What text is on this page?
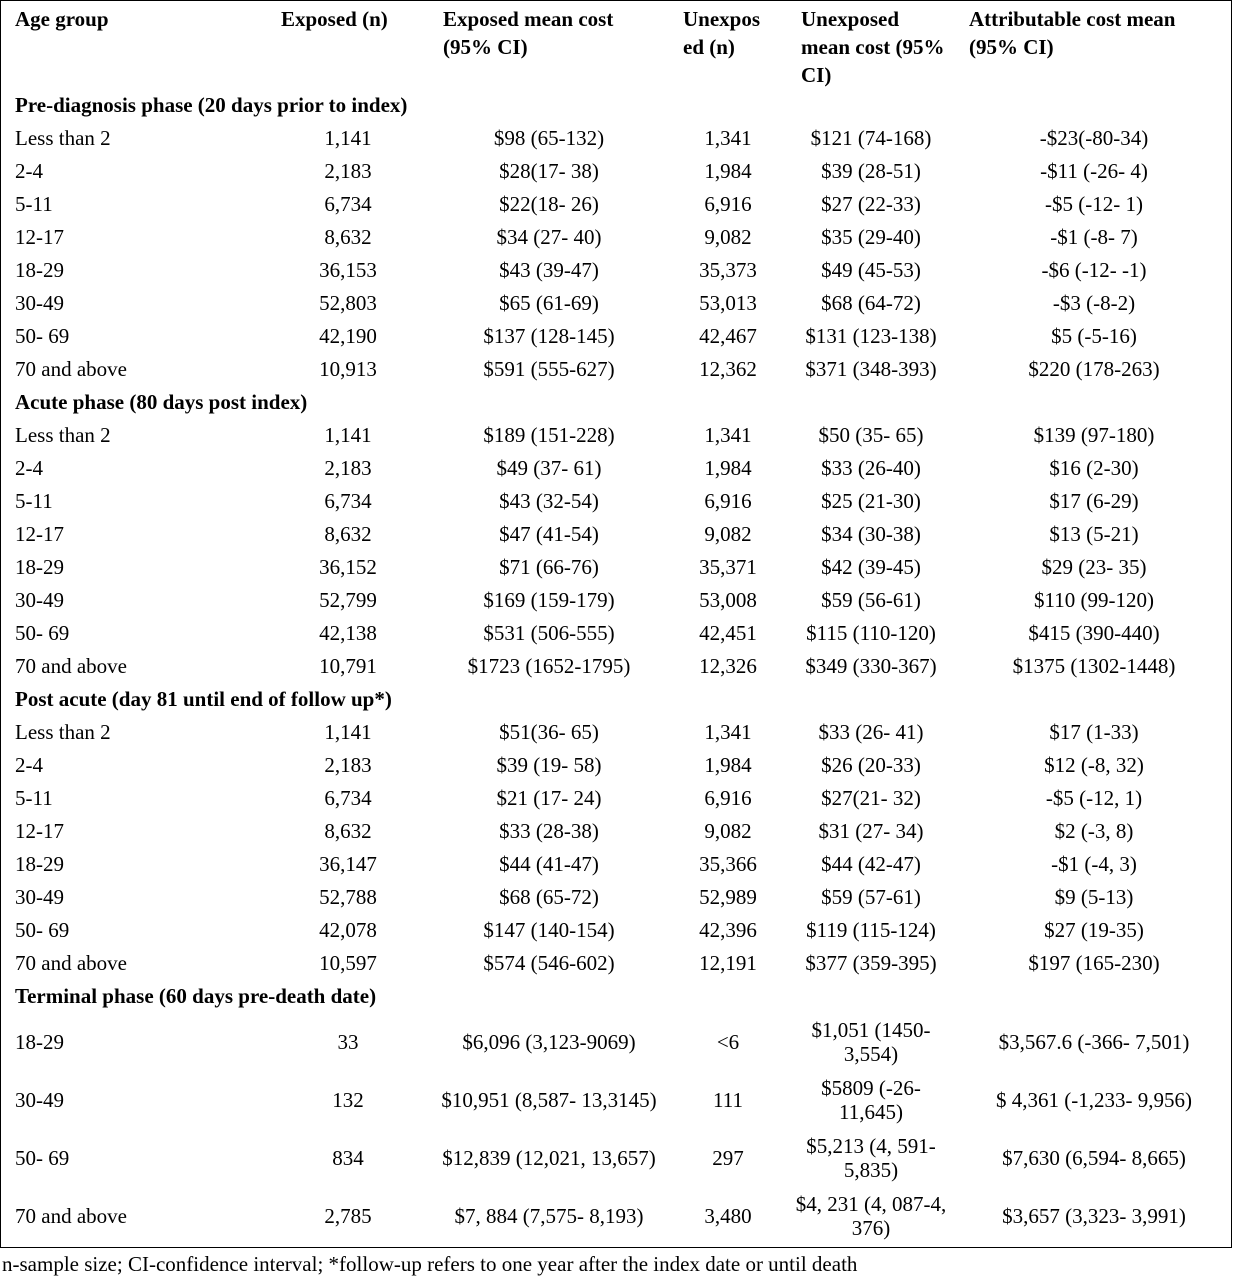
Age group	Exposed (n)	Exposed mean cost (95% CI)	Unexpos ed (n)	Unexposed mean cost (95% CI)	Attributable cost mean (95% CI)
Pre-diagnosis phase (20 days prior to index)					
Less than 2	1,141	$98 (65-132)	1,341	$121 (74-168)	-$23(-80-34)
2-4	2,183	$28(17- 38)	1,984	$39 (28-51)	-$11 (-26- 4)
5-11	6,734	$22(18- 26)	6,916	$27 (22-33)	-$5 (-12- 1)
12-17	8,632	$34 (27- 40)	9,082	$35 (29-40)	-$1 (-8- 7)
18-29	36,153	$43 (39-47)	35,373	$49 (45-53)	-$6 (-12- -1)
30-49	52,803	$65 (61-69)	53,013	$68 (64-72)	-$3 (-8-2)
50- 69	42,190	$137 (128-145)	42,467	$131 (123-138)	$5 (-5-16)
70 and above	10,913	$591 (555-627)	12,362	$371 (348-393)	$220 (178-263)
Acute phase (80 days post index)					
Less than 2	1,141	$189 (151-228)	1,341	$50 (35- 65)	$139 (97-180)
2-4	2,183	$49 (37- 61)	1,984	$33 (26-40)	$16 (2-30)
5-11	6,734	$43 (32-54)	6,916	$25 (21-30)	$17 (6-29)
12-17	8,632	$47 (41-54)	9,082	$34 (30-38)	$13 (5-21)
18-29	36,152	$71 (66-76)	35,371	$42 (39-45)	$29 (23- 35)
30-49	52,799	$169 (159-179)	53,008	$59 (56-61)	$110 (99-120)
50- 69	42,138	$531 (506-555)	42,451	$115 (110-120)	$415 (390-440)
70 and above	10,791	$1723 (1652-1795)	12,326	$349 (330-367)	$1375 (1302-1448)
Post acute (day 81 until end of follow up*)					
Less than 2	1,141	$51(36- 65)	1,341	$33 (26- 41)	$17 (1-33)
2-4	2,183	$39 (19- 58)	1,984	$26 (20-33)	$12 (-8, 32)
5-11	6,734	$21 (17- 24)	6,916	$27(21- 32)	-$5 (-12, 1)
12-17	8,632	$33 (28-38)	9,082	$31 (27- 34)	$2 (-3, 8)
18-29	36,147	$44 (41-47)	35,366	$44 (42-47)	-$1 (-4, 3)
30-49	52,788	$68 (65-72)	52,989	$59 (57-61)	$9 (5-13)
50- 69	42,078	$147 (140-154)	42,396	$119 (115-124)	$27 (19-35)
70 and above	10,597	$574 (546-602)	12,191	$377 (359-395)	$197 (165-230)
Terminal phase (60 days pre-death date)					
18-29	33	$6,096 (3,123-9069)	<6	$1,051 (1450- 3,554)	$3,567.6 (-366- 7,501)
30-49	132	$10,951 (8,587- 13,3145)	111	$5809 (-26- 11,645)	$ 4,361 (-1,233- 9,956)
50- 69	834	$12,839 (12,021, 13,657)	297	$5,213 (4, 591- 5,835)	$7,630 (6,594- 8,665)
70 and above	2,785	$7, 884 (7,575- 8,193)	3,480	$4, 231 (4, 087-4, 376)	$3,657 (3,323- 3,991)
n-sample size; CI-confidence interval; *follow-up refers to one year after the index date or until death
